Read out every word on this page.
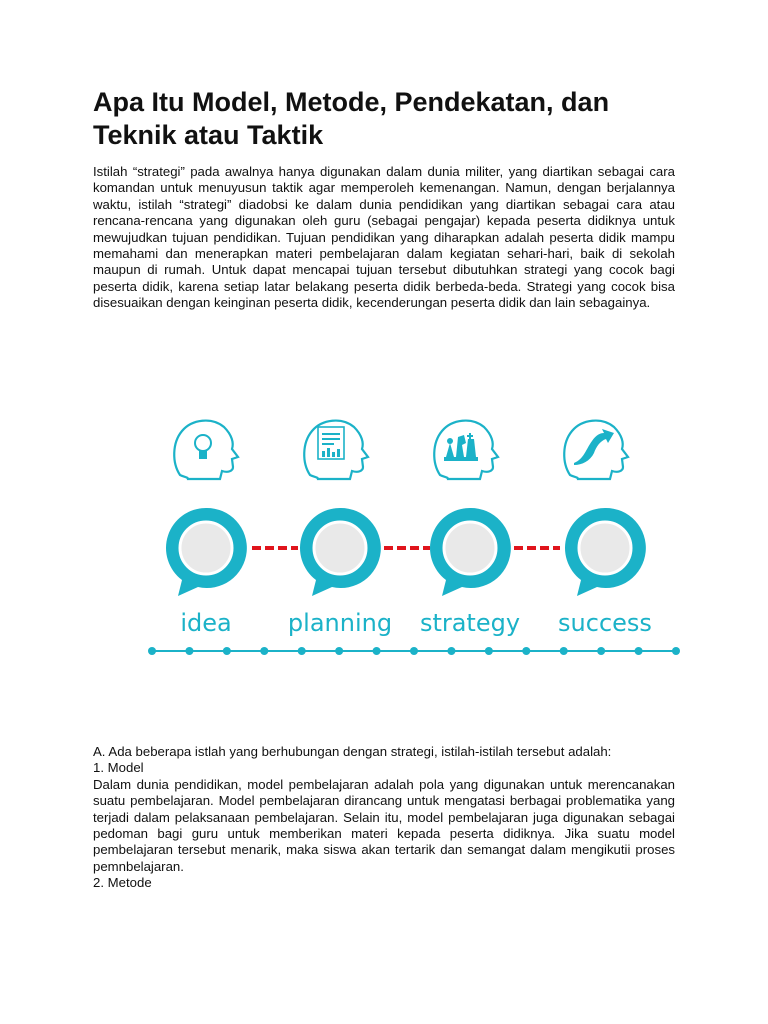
Apa Itu Model, Metode, Pendekatan, dan Teknik atau Taktik

Istilah “strategi” pada awalnya hanya digunakan dalam dunia militer, yang diartikan sebagai cara komandan untuk menuyusun taktik agar memperoleh kemenangan. Namun, dengan berjalannya waktu, istilah “strategi” diadobsi ke dalam dunia pendidikan yang diartikan sebagai cara atau rencana-rencana yang digunakan oleh guru (sebagai pengajar) kepada peserta didiknya untuk mewujudkan tujuan pendidikan. Tujuan pendidikan yang diharapkan adalah peserta didik mampu memahami dan menerapkan materi pembelajaran dalam kegiatan sehari-hari, baik di sekolah maupun di rumah. Untuk dapat mencapai tujuan tersebut dibutuhkan strategi yang cocok bagi peserta didik, karena setiap latar belakang peserta didik berbeda-beda. Strategi yang cocok bisa disesuaikan dengan keinginan peserta didik, kecenderungan peserta didik dan lain sebagainya.

idea planning strategy success
A. Ada beberapa istlah yang berhubungan dengan strategi, istilah-istilah tersebut adalah:
1. Model
Dalam dunia pendidikan, model pembelajaran adalah pola yang digunakan untuk merencanakan suatu pembelajaran. Model pembelajaran dirancang untuk mengatasi berbagai problematika yang terjadi dalam pelaksanaan pembelajaran. Selain itu, model pembelajaran juga digunakan sebagai pedoman bagi guru untuk memberikan materi kepada peserta didiknya. Jika suatu model pembelajaran tersebut menarik, maka siswa akan tertarik dan semangat dalam mengikutii proses pemnbelajaran.
2. Metode
